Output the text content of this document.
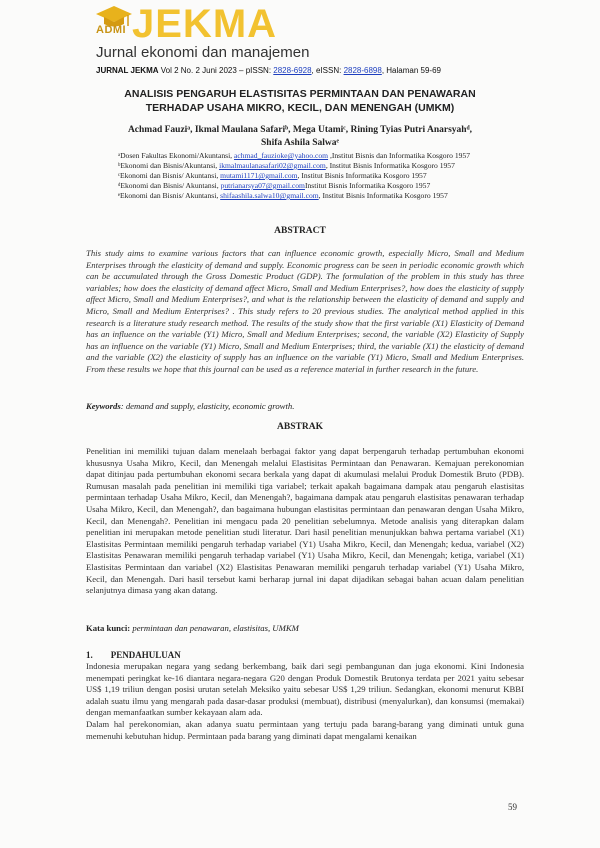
ADMI JEKMA
Jurnal ekonomi dan manajemen
JURNAL JEKMA Vol 2 No. 2 Juni 2023 – pISSN: 2828-6928, eISSN: 2828-6898, Halaman 59-69
ANALISIS PENGARUH ELASTISITAS PERMINTAAN DAN PENAWARAN
TERHADAP USAHA MIKRO, KECIL, DAN MENENGAH (UMKM)
Achmad Fauziᵃ, Ikmal Maulana Safariᵇ, Mega Utamiᶜ, Rining Tyias Putri Anarsyahᵈ,
Shifa Ashila Salwaᵉ
ᵃDosen Fakultas Ekonomi/Akuntansi, achmad_fauzioke@yahoo.com ,Institut Bisnis dan Informatika Kosgoro 1957
ᵇEkonomi dan Bisnis/Akuntansi, ikmalmaulanasafari02@gmail.com, Institut Bisnis Informatika Kosgoro 1957
ᶜEkonomi dan Bisnis/ Akuntansi, mutami1171@gmail.com, Institut Bisnis Informatika Kosgoro 1957
ᵈEkonomi dan Bisnis/ Akuntansi, putrianarsya07@gmail.comInstitut Bisnis Informatika Kosgoro 1957
ᵉEkonomi dan Bisnis/ Akuntansi, shifaashila.salwa10@gmail.com, Institut Bisnis Informatika Kosgoro 1957
ABSTRACT
This study aims to examine various factors that can influence economic growth, especially Micro, Small and Medium Enterprises through the elasticity of demand and supply. Economic progress can be seen in periodic economic growth which can be accumulated through the Gross Domestic Product (GDP). The formulation of the problem in this study has three variables; how does the elasticity of demand affect Micro, Small and Medium Enterprises?, how does the elasticity of supply affect Micro, Small and Medium Enterprises?, and what is the relationship between the elasticity of demand and supply and Micro, Small and Medium Enterprises? . This study refers to 20 previous studies. The analytical method applied in this research is a literature study research method. The results of the study show that the first variable (X1) Elasticity of Demand has an influence on the variable (Y1) Micro, Small and Medium Enterprises; second, the variable (X2) Elasticity of Supply has an influence on the variable (Y1) Micro, Small and Medium Enterprises; third, the variable (X1) the elasticity of demand and the variable (X2) the elasticity of supply has an influence on the variable (Y1) Micro, Small and Medium Enterprises. From these results we hope that this journal can be used as a reference material in further research in the future.
Keywords: demand and supply, elasticity, economic growth.
ABSTRAK
Penelitian ini memiliki tujuan dalam menelaah berbagai faktor yang dapat berpengaruh terhadap pertumbuhan ekonomi khususnya Usaha Mikro, Kecil, dan Menengah melalui Elastisitas Permintaan dan Penawaran. Kemajuan perekonomian dapat ditinjau pada pertumbuhan ekonomi secara berkala yang dapat di akumulasi melalui Produk Domestik Bruto (PDB). Rumusan masalah pada penelitian ini memiliki tiga variabel; terkait apakah bagaimana dampak atau pengaruh elastisitas permintaan terhadap Usaha Mikro, Kecil, dan Menengah?, bagaimana dampak atau pengaruh elastisitas penawaran terhadap Usaha Mikro, Kecil, dan Menengah?, dan bagaimana hubungan elastisitas permintaan dan penawaran dengan Usaha Mikro, Kecil, dan Menengah?. Penelitian ini mengacu pada 20 penelitian sebelumnya. Metode analisis yang diterapkan dalam penelitian ini merupakan metode penelitian studi literatur. Dari hasil penelitian menunjukkan bahwa pertama variabel (X1) Elastisitas Permintaan memiliki pengaruh terhadap variabel (Y1) Usaha Mikro, Kecil, dan Menengah; kedua, variabel (X2) Elastisitas Penawaran memiliki pengaruh terhadap variabel (Y1) Usaha Mikro, Kecil, dan Menengah; ketiga, variabel (X1) Elastisitas Permintaan dan variabel (X2) Elastisitas Penawaran memiliki pengaruh terhadap variabel (Y1) Usaha Mikro, Kecil, dan Menengah. Dari hasil tersebut kami berharap jurnal ini dapat dijadikan sebagai bahan acuan dalam penelitian selanjutnya dimasa yang akan datang.
Kata kunci: permintaan dan penawaran, elastisitas, UMKM
1. PENDAHULUAN

Indonesia merupakan negara yang sedang berkembang, baik dari segi pembangunan dan juga ekonomi. Kini Indonesia menempati peringkat ke-16 diantara negara-negara G20 dengan Produk Domestik Brutonya terdata per 2021 yaitu sebesar US$ 1,19 triliun dengan posisi urutan setelah Meksiko yaitu sebesar US$ 1,29 triliun. Sedangkan, ekonomi menurut KBBI adalah suatu ilmu yang mengarah pada dasar-dasar produksi (membuat), distribusi (menyalurkan), dan konsumsi (memakai) dengan memanfaatkan sumber kekayaan alam ada.

Dalam hal perekonomian, akan adanya suatu permintaan yang tertuju pada barang-barang yang diminati untuk guna memenuhi kebutuhan hidup. Permintaan pada barang yang diminati dapat mengalami kenaikan

59
